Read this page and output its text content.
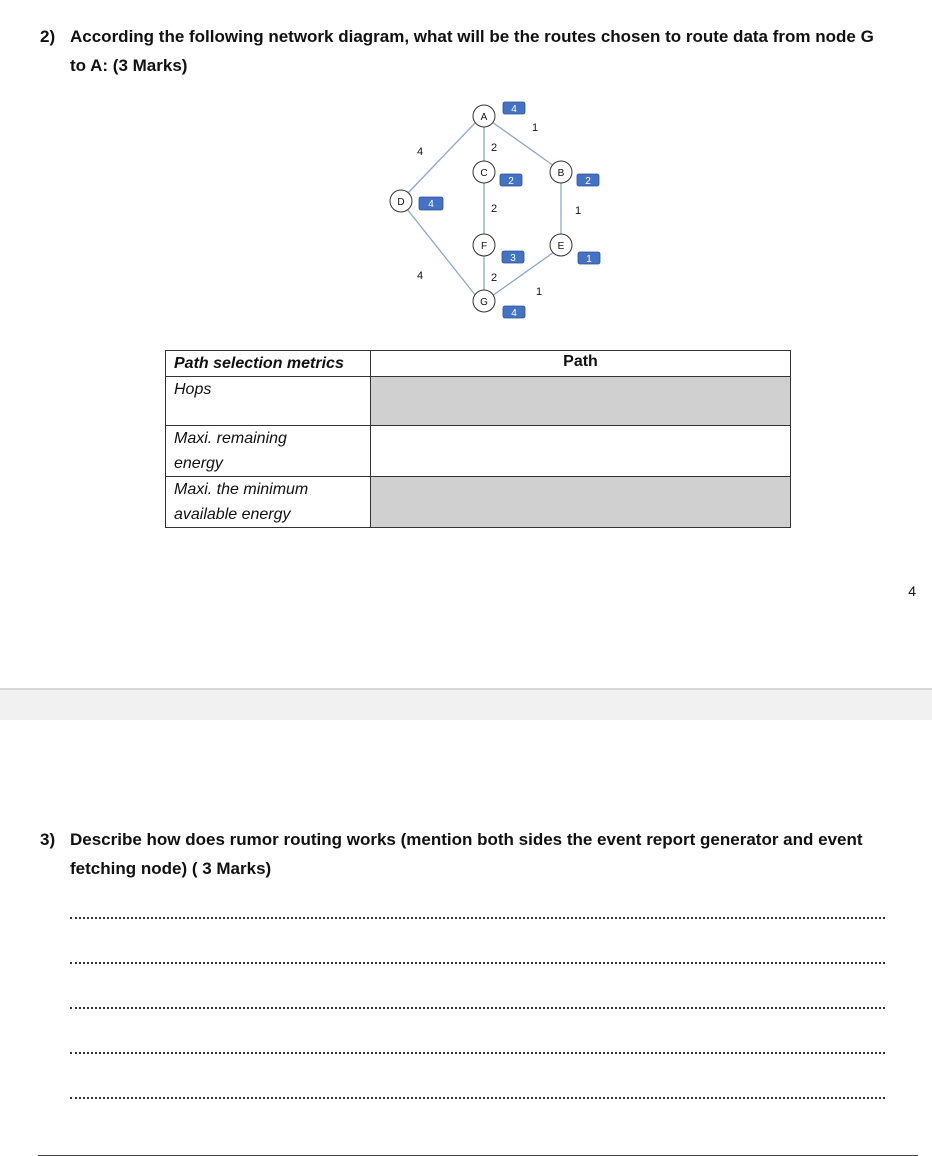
2) According the following network diagram, what will be the routes chosen to route data from node G
to A: (3 Marks)
2
2
2
1
1
1
4
4
A
C
F
G
B
E
D
4
2
3
4
2
1
4
Path selection metrics	Path

Hops	

Maxi. remaining
energy	

Maxi. the minimum
available energy	

4
3) Describe how does rumor routing works (mention both sides the event report generator and event
fetching node) ( 3 Marks)
